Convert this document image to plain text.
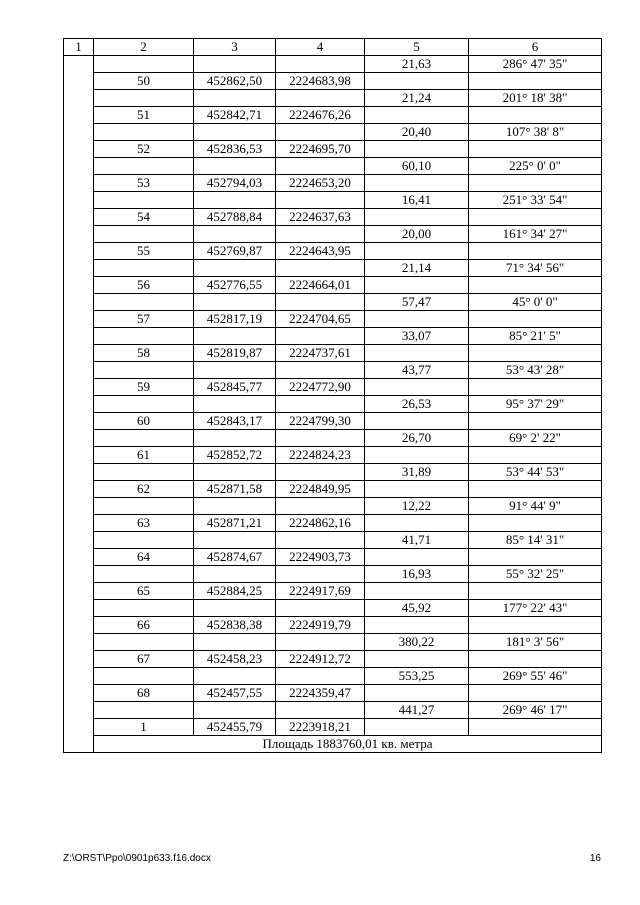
1	2	3	4	5	6
				21,63	286° 47' 35"
	50	452862,50	2224683,98		
				21,24	201° 18' 38"
	51	452842,71	2224676,26		
				20,40	107° 38' 8"
	52	452836,53	2224695,70		
				60,10	225° 0' 0"
	53	452794,03	2224653,20		
				16,41	251° 33' 54"
	54	452788,84	2224637,63		
				20,00	161° 34' 27"
	55	452769,87	2224643,95		
				21,14	71° 34' 56"
	56	452776,55	2224664,01		
				57,47	45° 0' 0"
	57	452817,19	2224704,65		
				33,07	85° 21' 5"
	58	452819,87	2224737,61		
				43,77	53° 43' 28"
	59	452845,77	2224772,90		
				26,53	95° 37' 29"
	60	452843,17	2224799,30		
				26,70	69° 2' 22"
	61	452852,72	2224824,23		
				31,89	53° 44' 53"
	62	452871,58	2224849,95		
				12,22	91° 44' 9"
	63	452871,21	2224862,16		
				41,71	85° 14' 31"
	64	452874,67	2224903,73		
				16,93	55° 32' 25"
	65	452884,25	2224917,69		
				45,92	177° 22' 43"
	66	452838,38	2224919,79		
				380,22	181° 3' 56"
	67	452458,23	2224912,72		
				553,25	269° 55' 46"
	68	452457,55	2224359,47		
				441,27	269° 46' 17"
	1	452455,79	2223918,21		
	Площадь 1883760,01 кв. метра				
Z:\ORST\Ppo\0901p633.f16.docx	16
